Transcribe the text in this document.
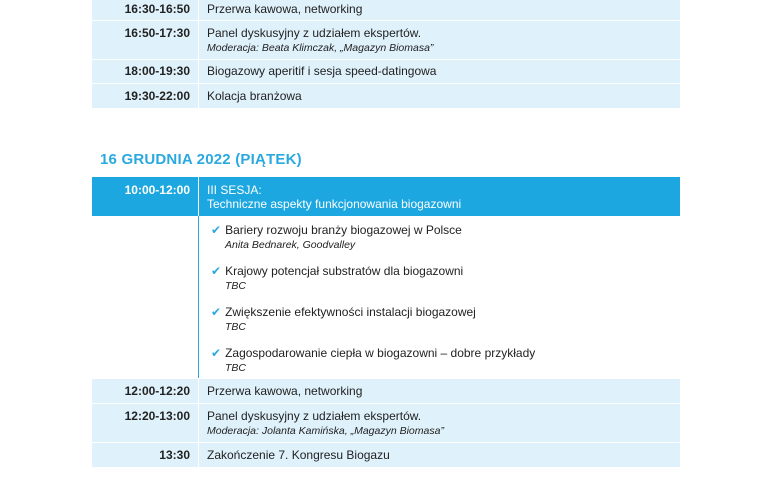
16:30-16:50	Przerwa kawowa, networking
16:50-17:30	Panel dyskusyjny z udziałem ekspertów.
Moderacja: Beata Klimczak, „Magazyn Biomasa”
18:00-19:30	Biogazowy aperitif i sesja speed-datingowa
19:30-22:00	Kolacja branżowa
16 GRUDNIA 2022 (PIĄTEK)
10:00-12:00	III SESJA:
Techniczne aspekty funkcjonowania biogazowni
✔ Bariery rozwoju branży biogazowej w Polsce
Anita Bednarek, Goodvalley
✔ Krajowy potencjał substratów dla biogazowni
TBC
✔ Zwiększenie efektywności instalacji biogazowej
TBC
✔ Zagospodarowanie ciepła w biogazowni – dobre przykłady
TBC
12:00-12:20	Przerwa kawowa, networking
12:20-13:00	Panel dyskusyjny z udziałem ekspertów.
Moderacja: Jolanta Kamińska, „Magazyn Biomasa”
13:30	Zakończenie 7. Kongresu Biogazu
